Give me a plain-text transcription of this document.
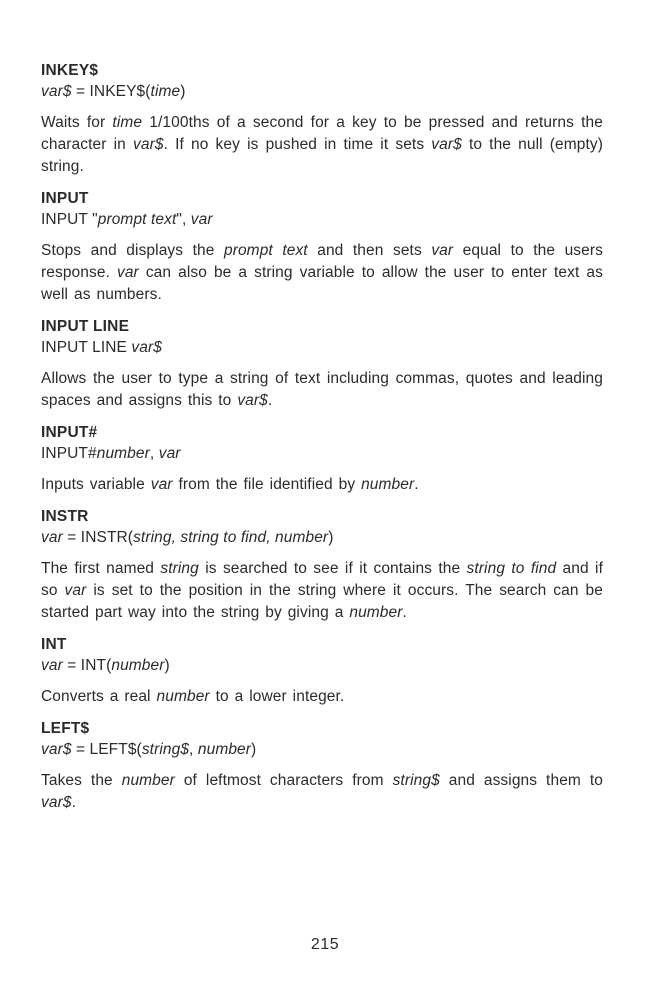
INKEY$

var$ = INKEY$(time)

Waits for time 1/100ths of a second for a key to be pressed and returns the character in var$. If no key is pushed in time it sets var$ to the null (empty) string.

INPUT

INPUT "prompt text", var

Stops and displays the prompt text and then sets var equal to the users response. var can also be a string variable to allow the user to enter text as well as numbers.

INPUT LINE

INPUT LINE var$

Allows the user to type a string of text including commas, quotes and leading spaces and assigns this to var$.

INPUT#

INPUT#number, var

Inputs variable var from the file identified by number.

INSTR

var = INSTR(string, string to find, number)

The first named string is searched to see if it contains the string to find and if so var is set to the position in the string where it occurs. The search can be started part way into the string by giving a number.

INT

var = INT(number)

Converts a real number to a lower integer.

LEFT$

var$ = LEFT$(string$, number)

Takes the number of leftmost characters from string$ and assigns them to var$.

215
